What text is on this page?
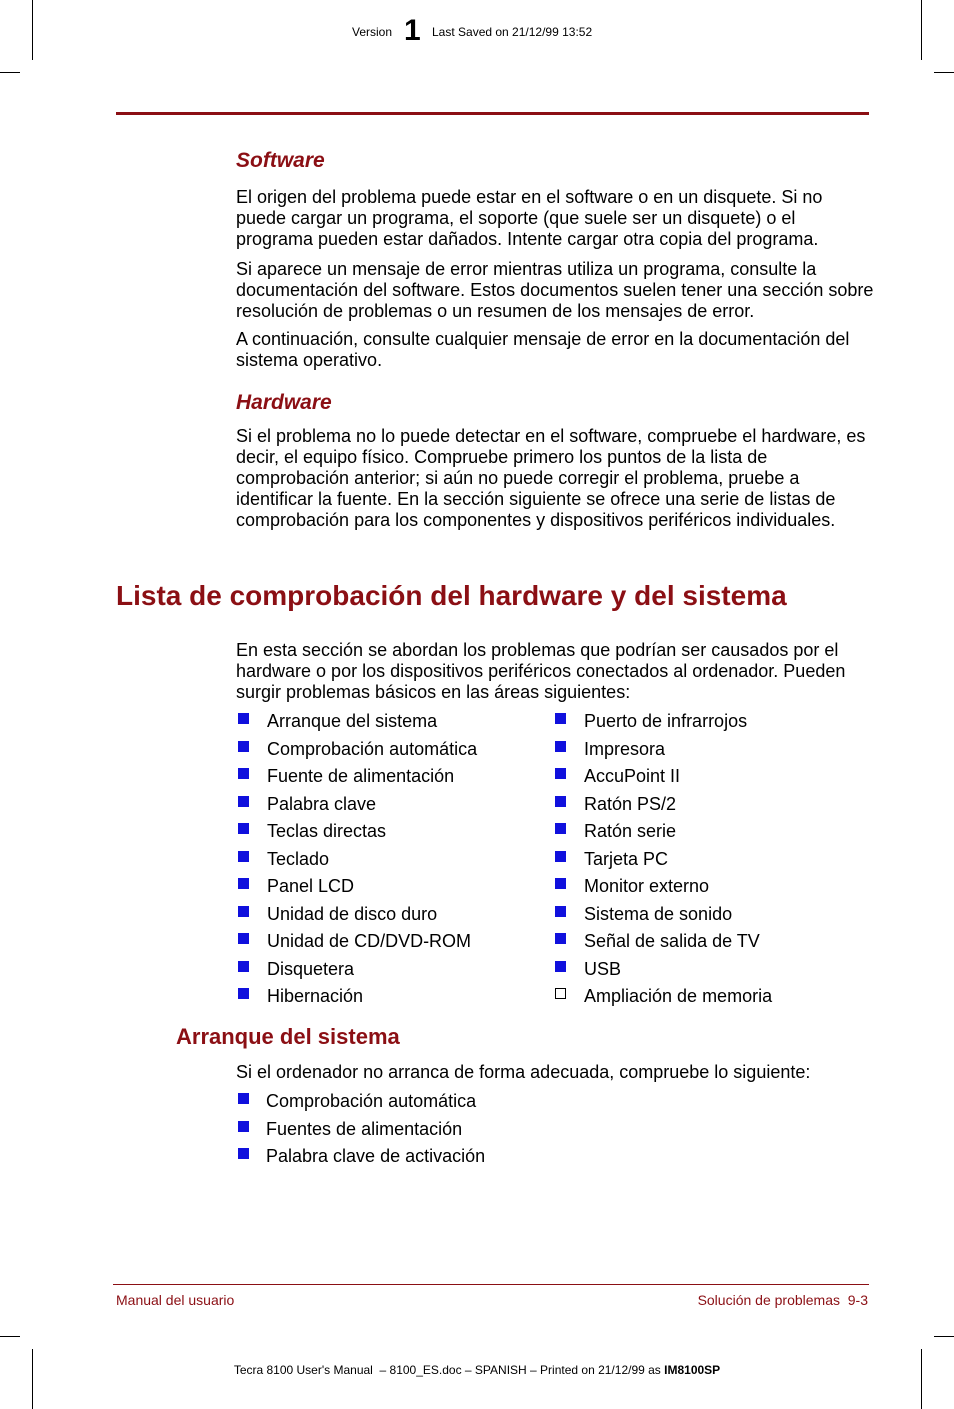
Version 1 Last Saved on 21/12/99 13:52
Software

El origen del problema puede estar en el software o en un disquete. Si no puede cargar un programa, el soporte (que suele ser un disquete) o el programa pueden estar dañados. Intente cargar otra copia del programa.

Si aparece un mensaje de error mientras utiliza un programa, consulte la documentación del software. Estos documentos suelen tener una sección sobre resolución de problemas o un resumen de los mensajes de error.

A continuación, consulte cualquier mensaje de error en la documentación del sistema operativo.

Hardware

Si el problema no lo puede detectar en el software, compruebe el hardware, es decir, el equipo físico. Compruebe primero los puntos de la lista de comprobación anterior; si aún no puede corregir el problema, pruebe a identificar la fuente. En la sección siguiente se ofrece una serie de listas de comprobación para los componentes y dispositivos periféricos individuales.

Lista de comprobación del hardware y del sistema

En esta sección se abordan los problemas que podrían ser causados por el hardware o por los dispositivos periféricos conectados al ordenador. Pueden surgir problemas básicos en las áreas siguientes:

Arranque del sistema
Comprobación automática
Fuente de alimentación
Palabra clave
Teclas directas
Teclado
Panel LCD
Unidad de disco duro
Unidad de CD/DVD-ROM
Disquetera
Hibernación
Puerto de infrarrojos
Impresora
AccuPoint II
Ratón PS/2
Ratón serie
Tarjeta PC
Monitor externo
Sistema de sonido
Señal de salida de TV
USB
Ampliación de memoria
Arranque del sistema

Si el ordenador no arranca de forma adecuada, compruebe lo siguiente:

Comprobación automática
Fuentes de alimentación
Palabra clave de activación
Manual del usuario	Solución de problemas  9-3
Tecra 8100 User's Manual  – 8100_ES.doc – SPANISH – Printed on 21/12/99 as IM8100SP
